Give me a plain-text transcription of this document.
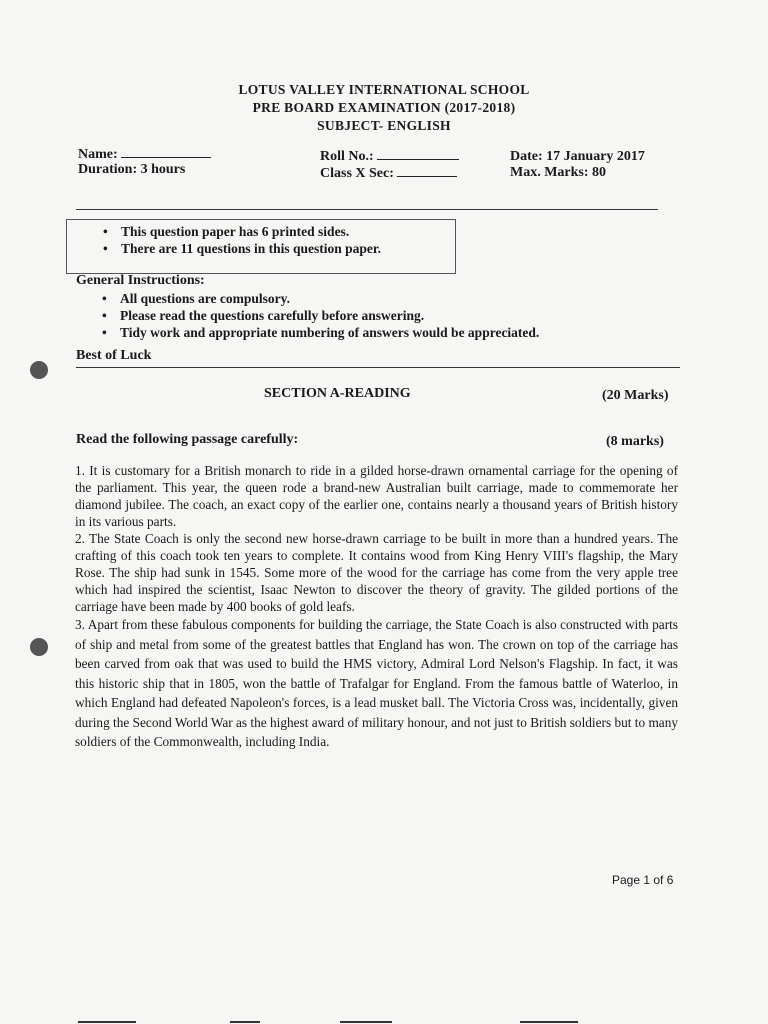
LOTUS VALLEY INTERNATIONAL SCHOOL
PRE BOARD EXAMINATION (2017-2018)
SUBJECT- ENGLISH
Name:
Duration: 3 hours
Roll No.:
Class X Sec:
Date: 17 January 2017
Max. Marks: 80
• This question paper has 6 printed sides.
• There are 11 questions in this question paper.
General Instructions:
• All questions are compulsory.
• Please read the questions carefully before answering.
• Tidy work and appropriate numbering of answers would be appreciated.
Best of Luck
SECTION A-READING	(20 Marks)
Read the following passage carefully:	(8 marks)

1. It is customary for a British monarch to ride in a gilded horse-drawn ornamental carriage for the opening of the parliament. This year, the queen rode a brand-new Australian built carriage, made to commemorate her diamond jubilee. The coach, an exact copy of the earlier one, contains nearly a thousand years of British history in its various parts.

2. The State Coach is only the second new horse-drawn carriage to be built in more than a hundred years. The crafting of this coach took ten years to complete. It contains wood from King Henry VIII's flagship, the Mary Rose. The ship had sunk in 1545. Some more of the wood for the carriage has come from the very apple tree which had inspired the scientist, Isaac Newton to discover the theory of gravity. The gilded portions of the carriage have been made by 400 books of gold leafs.

3. Apart from these fabulous components for building the carriage, the State Coach is also constructed with parts of ship and metal from some of the greatest battles that England has won. The crown on top of the carriage has been carved from oak that was used to build the HMS victory, Admiral Lord Nelson's Flagship. In fact, it was this historic ship that in 1805, won the battle of Trafalgar for England. From the famous battle of Waterloo, in which England had defeated Napoleon's forces, is a lead musket ball. The Victoria Cross was, incidentally, given during the Second World War as the highest award of military honour, and not just to British soldiers but to many soldiers of the Commonwealth, including India.

Page 1 of 6
